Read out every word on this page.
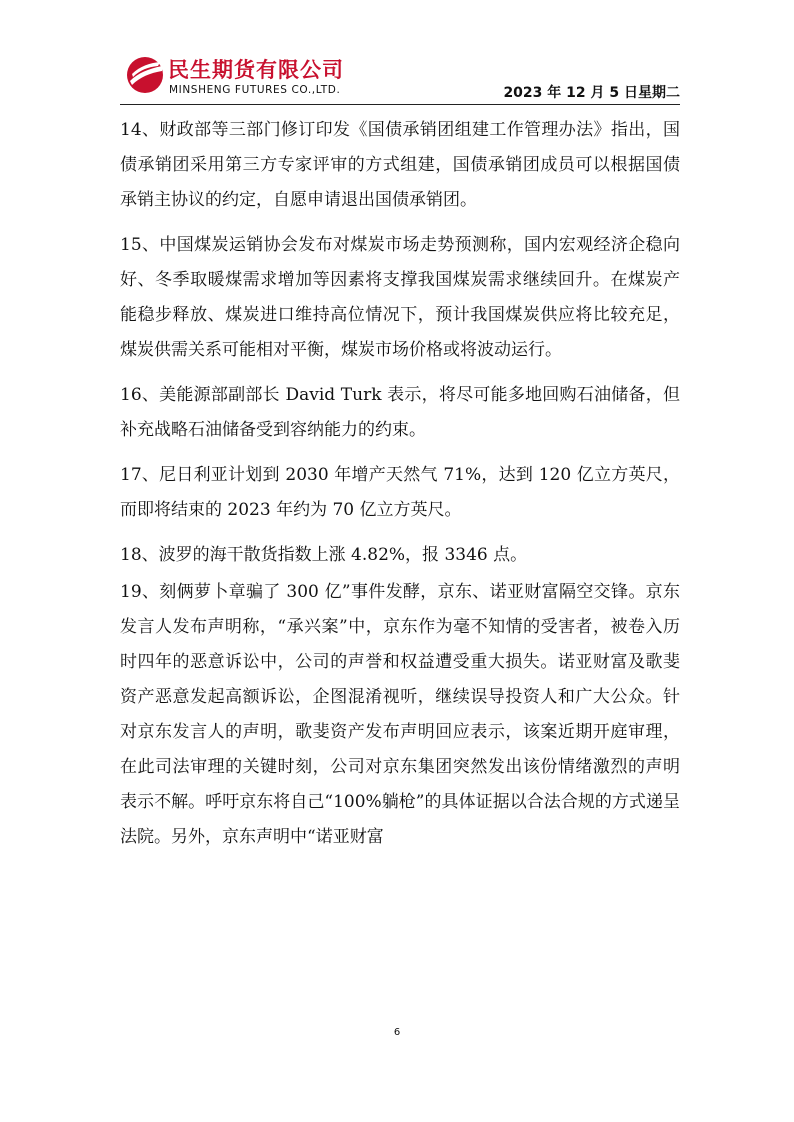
民生期货有限公司
MINSHENG FUTURES CO.,LTD.	2023 年 12 月 5 日星期二

14、财政部等三部门修订印发《国债承销团组建工作管理办法》指出，国债承销团采用第三方专家评审的方式组建，国债承销团成员可以根据国债承销主协议的约定，自愿申请退出国债承销团。

15、中国煤炭运销协会发布对煤炭市场走势预测称，国内宏观经济企稳向好、冬季取暖煤需求增加等因素将支撑我国煤炭需求继续回升。在煤炭产能稳步释放、煤炭进口维持高位情况下，预计我国煤炭供应将比较充足，煤炭供需关系可能相对平衡，煤炭市场价格或将波动运行。

16、美能源部副部长 David Turk 表示，将尽可能多地回购石油储备，但补充战略石油储备受到容纳能力的约束。

17、尼日利亚计划到 2030 年增产天然气 71%，达到 120 亿立方英尺，而即将结束的 2023 年约为 70 亿立方英尺。

18、波罗的海干散货指数上涨 4.82%，报 3346 点。

19、刻俩萝卜章骗了 300 亿”事件发酵，京东、诺亚财富隔空交锋。京东发言人发布声明称，“承兴案”中，京东作为毫不知情的受害者，被卷入历时四年的恶意诉讼中，公司的声誉和权益遭受重大损失。诺亚财富及歌斐资产恶意发起高额诉讼，企图混淆视听，继续误导投资人和广大公众。针对京东发言人的声明，歌斐资产发布声明回应表示，该案近期开庭审理，在此司法审理的关键时刻，公司对京东集团突然发出该份情绪激烈的声明表示不解。呼吁京东将自己“100%躺枪”的具体证据以合法合规的方式递呈法院。另外，京东声明中“诺亚财富

6
